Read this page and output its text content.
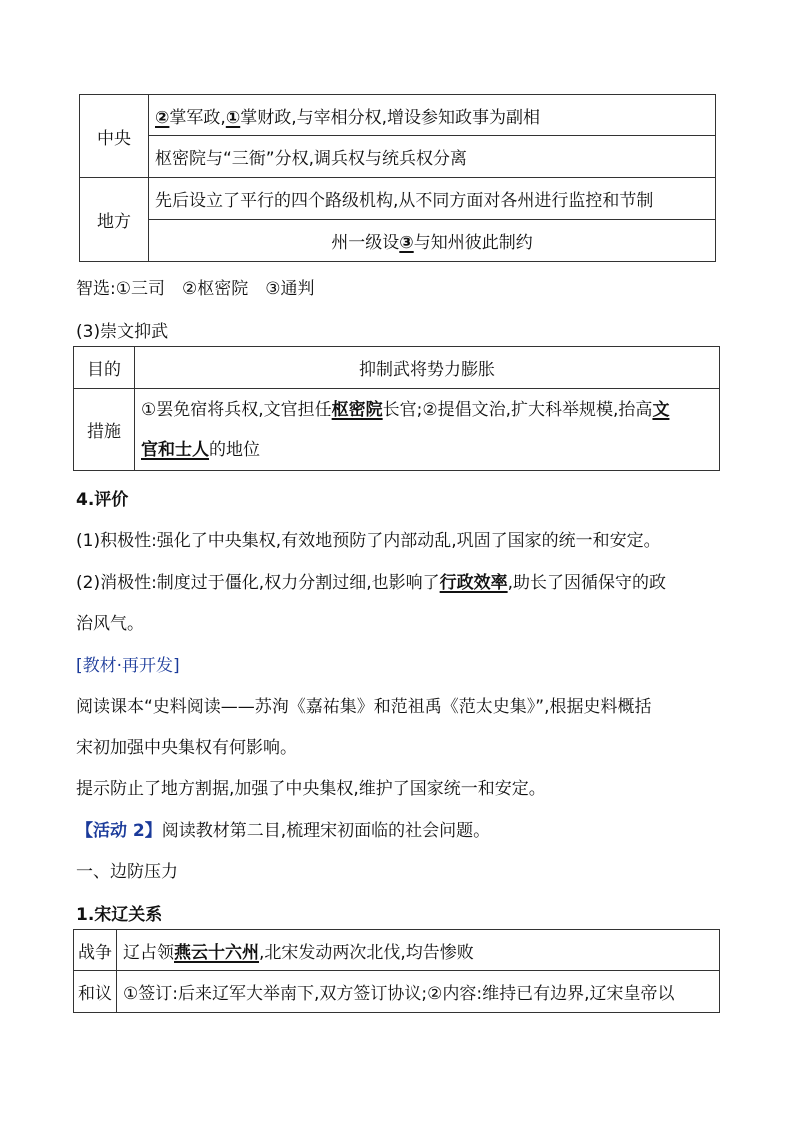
中央	②掌军政,①掌财政,与宰相分权,增设参知政事为副相
	枢密院与“三衙”分权,调兵权与统兵权分离
地方	先后设立了平行的四个路级机构,从不同方面对各州进行监控和节制
	州一级设③与知州彼此制约
智选:①三司　②枢密院　③通判
(3)崇文抑武
目的	抑制武将势力膨胀
措施	①罢免宿将兵权,文官担任枢密院长官;②提倡文治,扩大科举规模,抬高文
官和士人的地位
4.评价
(1)积极性:强化了中央集权,有效地预防了内部动乱,巩固了国家的统一和安定。
(2)消极性:制度过于僵化,权力分割过细,也影响了行政效率,助长了因循保守的政
治风气。
[教材·再开发]
阅读课本“史料阅读——苏洵《嘉祐集》和范祖禹《范太史集》”,根据史料概括
宋初加强中央集权有何影响。
提示防止了地方割据,加强了中央集权,维护了国家统一和安定。
【活动 2】阅读教材第二目,梳理宋初面临的社会问题。
一、边防压力
1.宋辽关系
战争	辽占领燕云十六州,北宋发动两次北伐,均告惨败
和议	①签订:后来辽军大举南下,双方签订协议;②内容:维持已有边界,辽宋皇帝以
